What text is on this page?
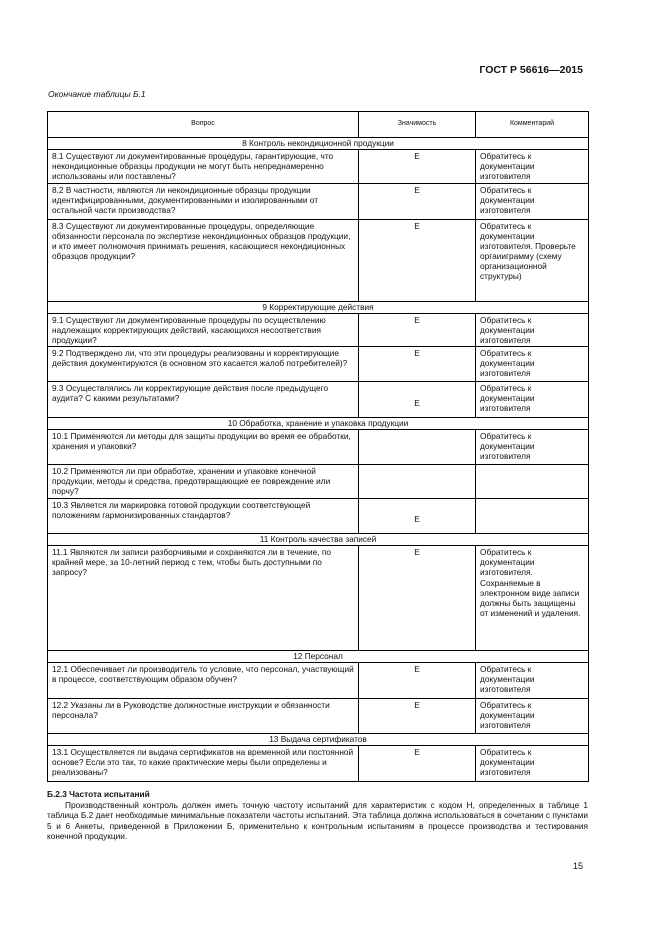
ГОСТ Р 56616—2015
Окончание таблицы Б.1
Вопрос	Значимость	Комментарий
8 Контроль некондиционной продукции		
8.1 Существуют ли документированные процедуры, гарантирующие, что некондиционные образцы продукции не могут быть непреднамеренно использованы или поставлены?	E	Обратитесь к документации изготовителя
8.2 В частности, являются ли некондиционные образцы продукции идентифицированными, документированными и изолированными от остальной части производства?	E	Обратитесь к документации изготовителя
8.3 Существуют ли документированные процедуры, определяющие обязанности персонала по экспертизе некондиционных образцов продукции, и кто имеет полномочия принимать решения, касающиеся некондиционных образцов продукции?	E	Обратитесь к документации изготовителя. Проверьте оргаииграмму (схему организационной структуры)
9 Корректирующие действия		
9.1 Существуют ли документированные процедуры по осуществлению надлежащих корректирующих действий, касающихся несоответствия продукции?	E	Обратитесь к документации изготовителя
9.2 Подтверждено ли, что эти процедуры реализованы и корректирующие действия документируются (в основном это касается жалоб потребителей)?	E	Обратитесь к документации изготовителя
9.3 Осуществлялись ли корректирующие действия после предыдущего аудита? С какими результатами?	E	Обратитесь к документации изготовителя
10 Обработка, хранение и упаковка продукции		
10.1 Применяются ли методы для защиты продукции во время ее обработки, хранения и упаковки?		Обратитесь к документации изготовителя
10.2 Применяются ли при обработке, хранении и упаковке конечной продукции, методы и средства, предотвращающие ее повреждение или порчу?		
10.3 Является ли маркировка готовой продукции соответствующей положениям гармонизированных стандартов?	E	
11 Контроль качества записей		
11.1 Являются ли записи разборчивыми и сохраняются ли в течение, по крайней мере, за 10-летний период с тем, чтобы быть доступными по запросу?	E	Обратитесь к документации изготовителя. Сохраняемые в электронном виде записи должны быть защищены от изменений и удаления.
12 Персонал		
12.1 Обеспечивает ли производитель то условие, что персонал, участвующий в процессе, соответствующим образом обучен?	E	Обратитесь к документации изготовителя
12.2 Указаны ли в Руководстве должностные инструкции и обязанности персонала?	E	Обратитесь к документации изготовителя
13 Выдача сертификатов		
13.1 Осуществляется ли выдача сертификатов на временной или постоянной основе? Если это так, то какие практические меры были определены и реализованы?	E	Обратитесь к документации изготовителя
Б.2.3 Частота испытаний
Производственный контроль должен иметь точную частоту испытаний для характеристик с кодом Н, определенных в таблице 1 таблица Б.2 дает необходимые минимальные показатели частоты испытаний. Эта таблица должна использоваться в сочетании с пунктами 5 и 6 Анкеты, приведенной в Приложении Б, применительно к контрольным испытаниям в процессе производства и тестирования конечной продукции.
15
